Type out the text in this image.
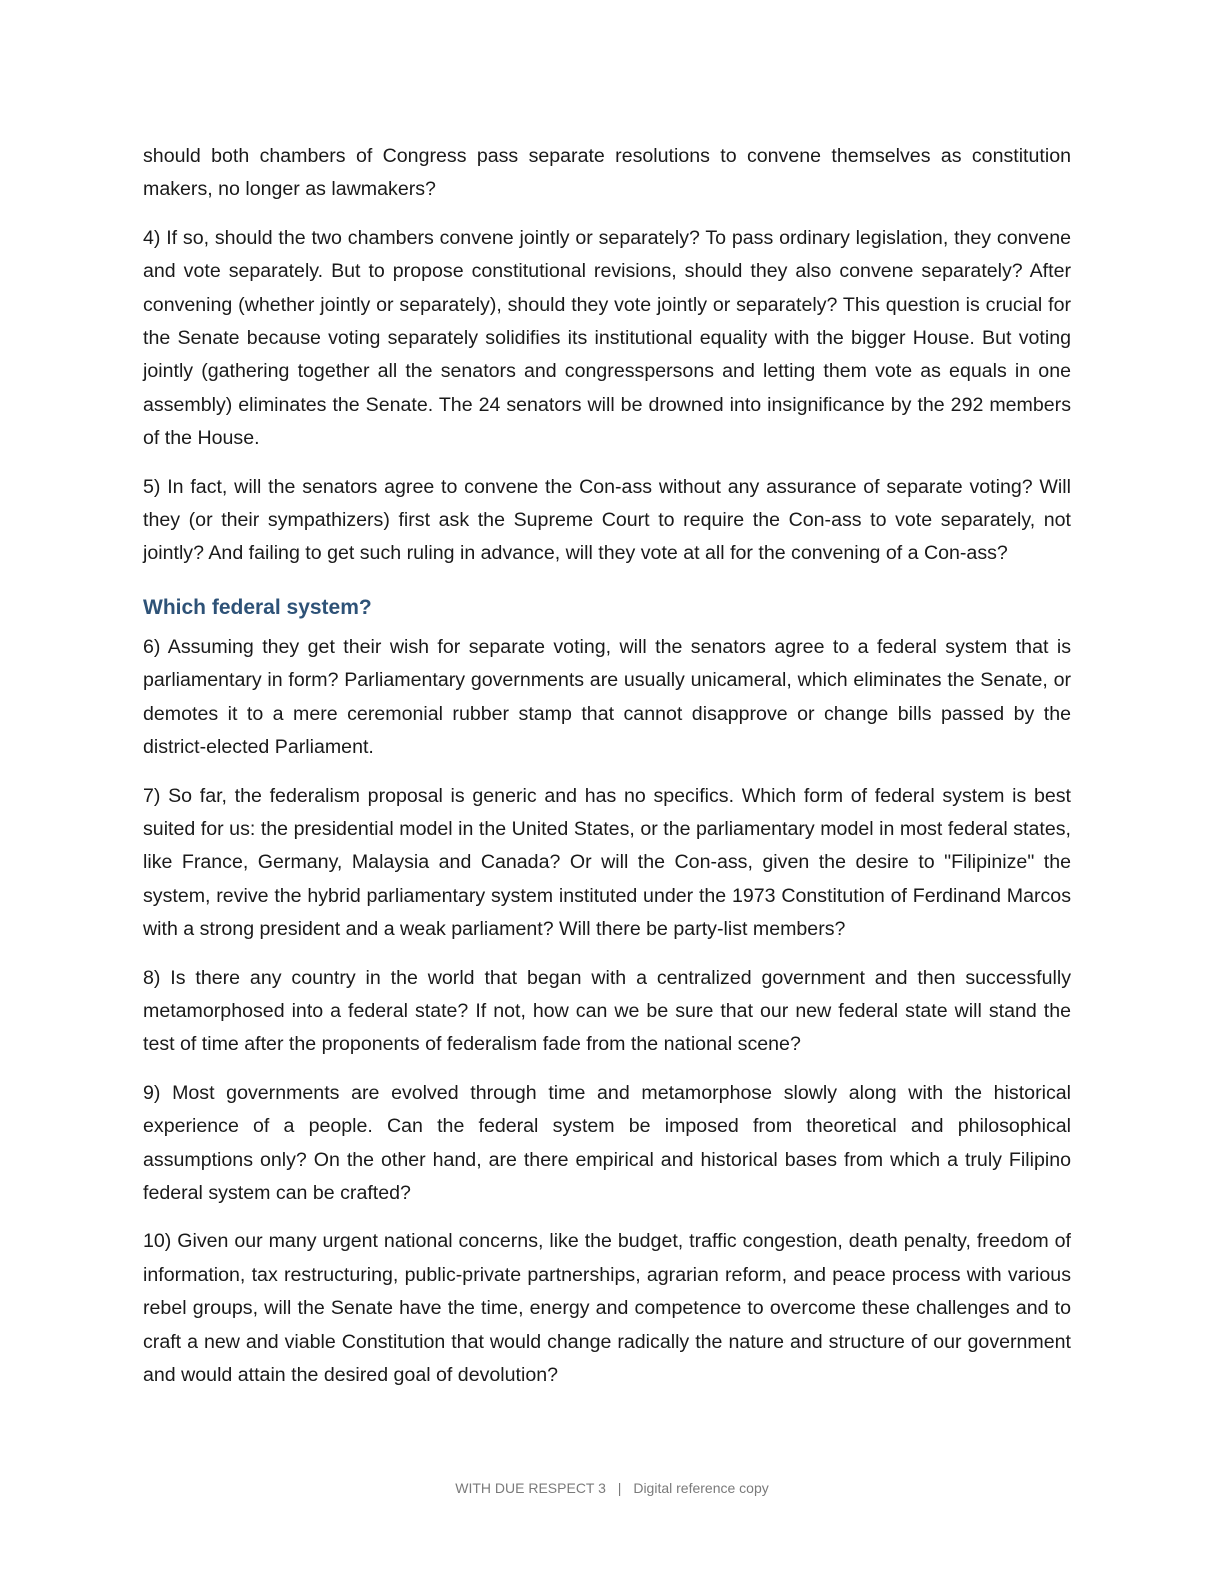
should both chambers of Congress pass separate resolutions to convene themselves as constitution makers, no longer as lawmakers?

4) If so, should the two chambers convene jointly or separately? To pass ordinary legislation, they convene and vote separately. But to propose constitutional revisions, should they also convene separately? After convening (whether jointly or separately), should they vote jointly or separately? This question is crucial for the Senate because voting separately solidifies its institutional equality with the bigger House. But voting jointly (gathering together all the senators and congresspersons and letting them vote as equals in one assembly) eliminates the Senate. The 24 senators will be drowned into insignificance by the 292 members of the House.

5) In fact, will the senators agree to convene the Con-ass without any assurance of separate voting? Will they (or their sympathizers) first ask the Supreme Court to require the Con-ass to vote separately, not jointly? And failing to get such ruling in advance, will they vote at all for the convening of a Con-ass?

Which federal system?

6) Assuming they get their wish for separate voting, will the senators agree to a federal system that is parliamentary in form? Parliamentary governments are usually unicameral, which eliminates the Senate, or demotes it to a mere ceremonial rubber stamp that cannot disapprove or change bills passed by the district-elected Parliament.

7) So far, the federalism proposal is generic and has no specifics. Which form of federal system is best suited for us: the presidential model in the United States, or the parliamentary model in most federal states, like France, Germany, Malaysia and Canada? Or will the Con-ass, given the desire to "Filipinize" the system, revive the hybrid parliamentary system instituted under the 1973 Constitution of Ferdinand Marcos with a strong president and a weak parliament? Will there be party-list members?

8) Is there any country in the world that began with a centralized government and then successfully metamorphosed into a federal state? If not, how can we be sure that our new federal state will stand the test of time after the proponents of federalism fade from the national scene?

9) Most governments are evolved through time and metamorphose slowly along with the historical experience of a people. Can the federal system be imposed from theoretical and philosophical assumptions only? On the other hand, are there empirical and historical bases from which a truly Filipino federal system can be crafted?

10) Given our many urgent national concerns, like the budget, traffic congestion, death penalty, freedom of information, tax restructuring, public-private partnerships, agrarian reform, and peace process with various rebel groups, will the Senate have the time, energy and competence to overcome these challenges and to craft a new and viable Constitution that would change radically the nature and structure of our government and would attain the desired goal of devolution?

WITH DUE RESPECT 3 | Digital reference copy
